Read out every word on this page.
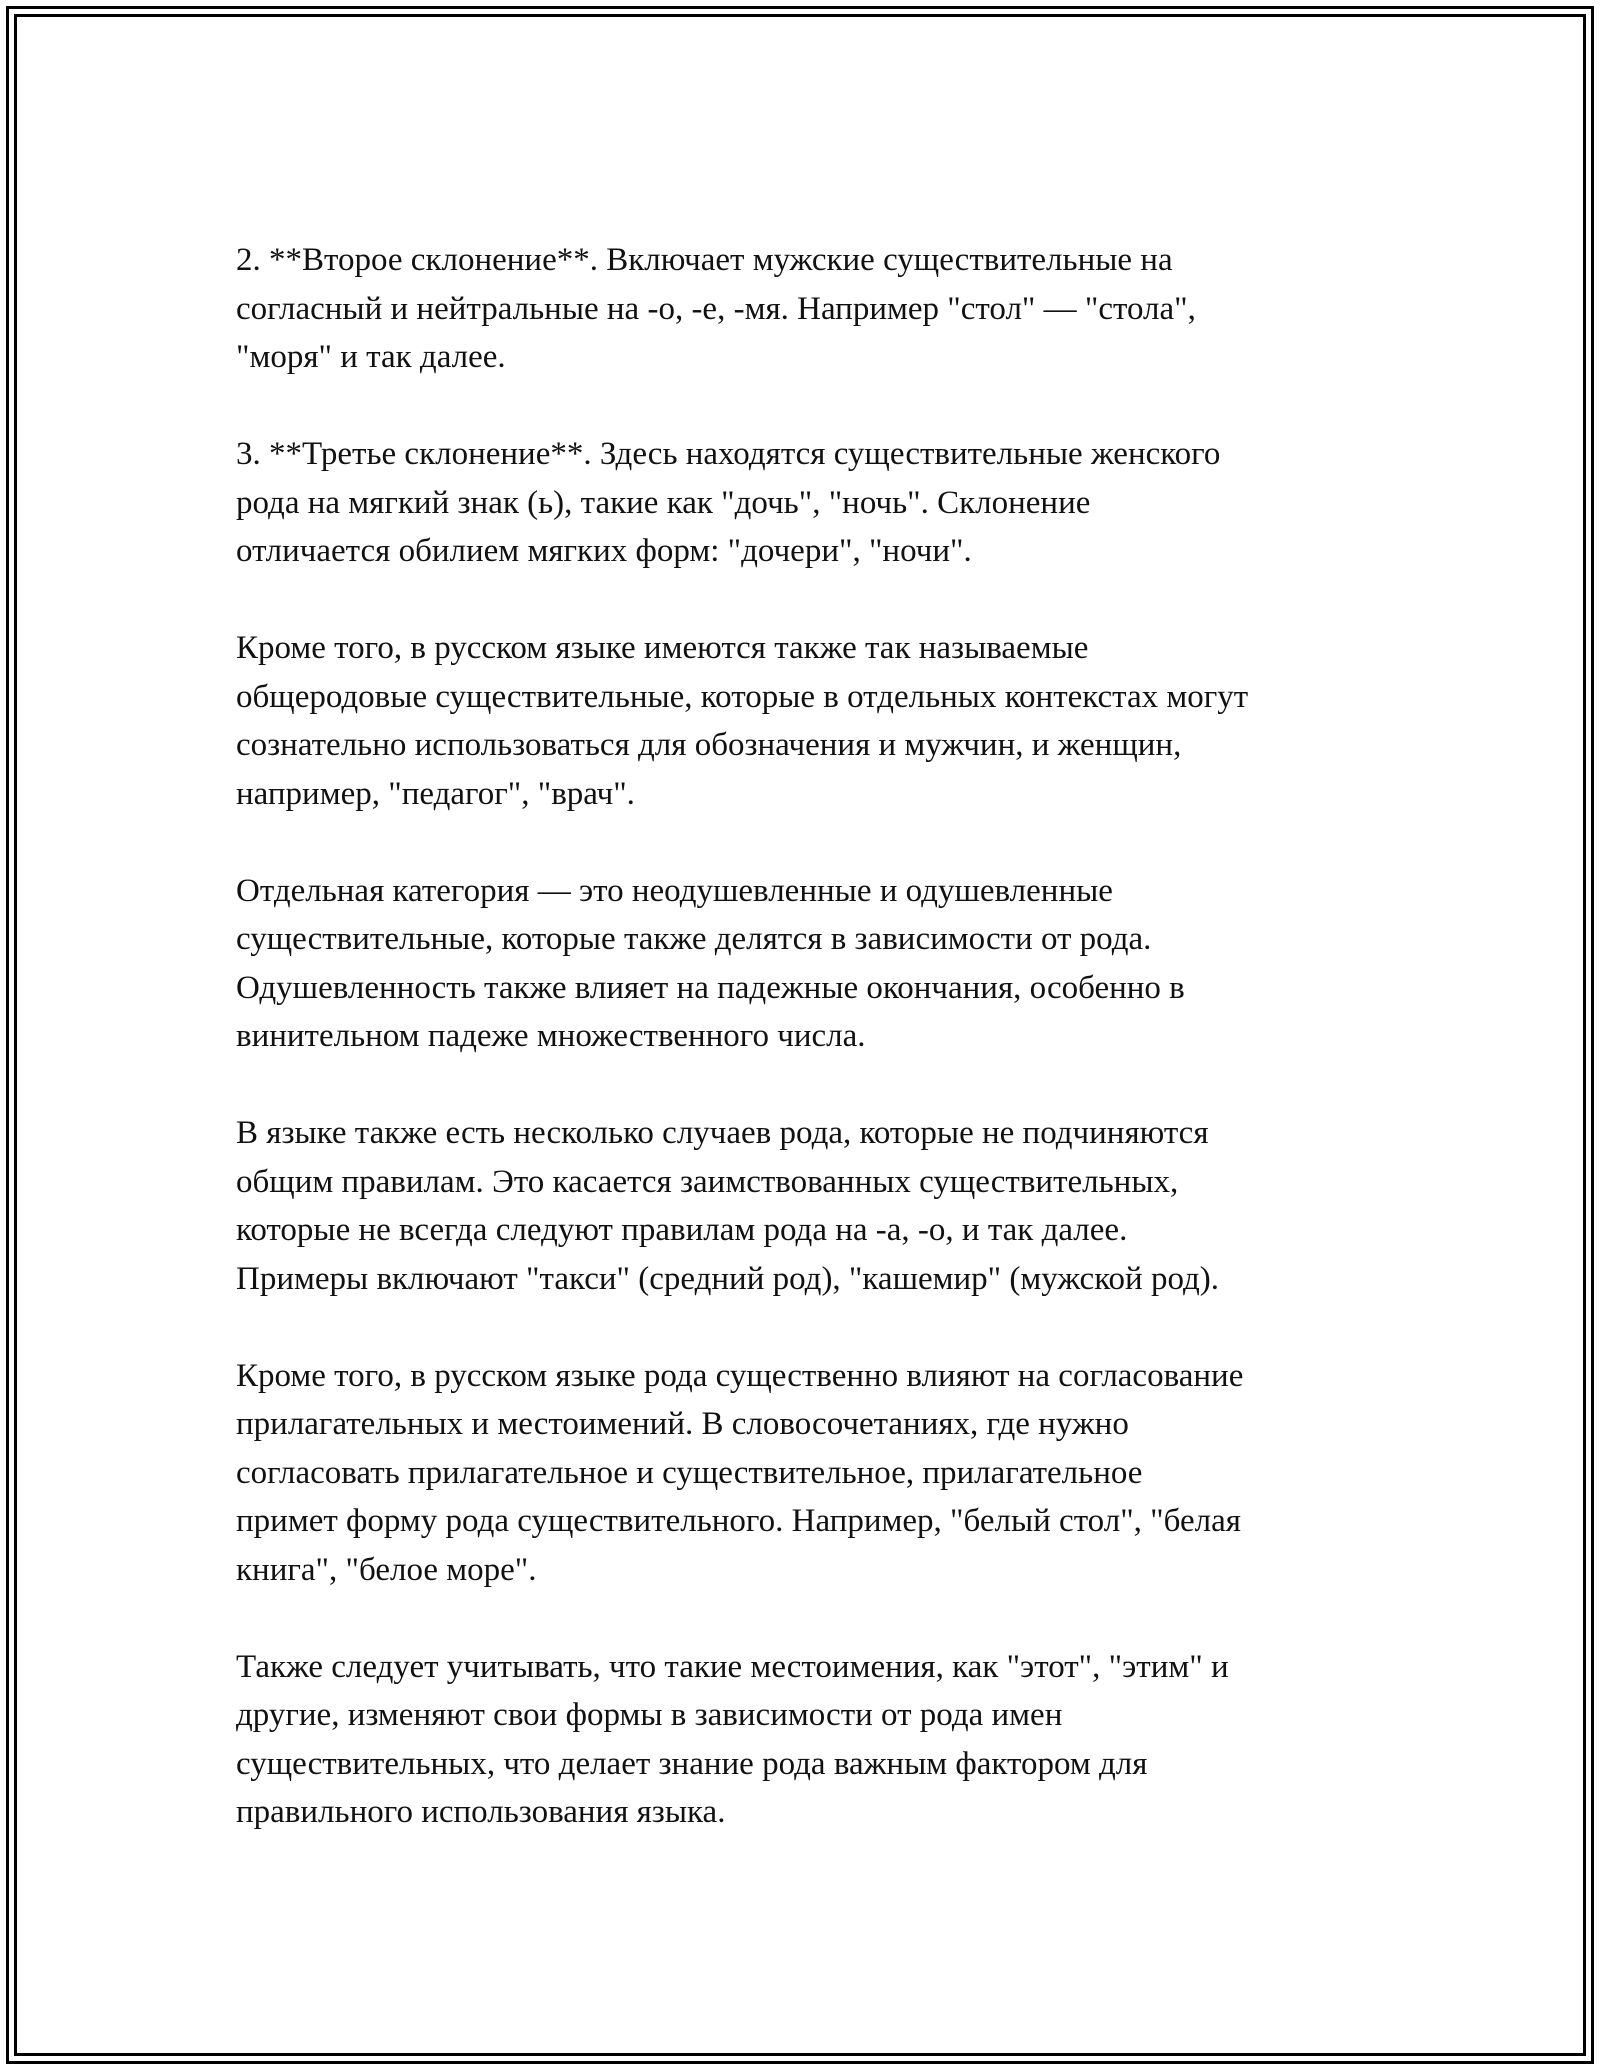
2. **Второе склонение**. Включает мужские существительные на
согласный и нейтральные на -о, -е, -мя. Например "стол" — "стола",
"моря" и так далее.

3. **Третье склонение**. Здесь находятся существительные женского
рода на мягкий знак (ь), такие как "дочь", "ночь". Склонение
отличается обилием мягких форм: "дочери", "ночи".

Кроме того, в русском языке имеются также так называемые
общеродовые существительные, которые в отдельных контекстах могут
сознательно использоваться для обозначения и мужчин, и женщин,
например, "педагог", "врач".

Отдельная категория — это неодушевленные и одушевленные
существительные, которые также делятся в зависимости от рода.
Одушевленность также влияет на падежные окончания, особенно в
винительном падеже множественного числа.

В языке также есть несколько случаев рода, которые не подчиняются
общим правилам. Это касается заимствованных существительных,
которые не всегда следуют правилам рода на -а, -о, и так далее.
Примеры включают "такси" (средний род), "кашемир" (мужской род).

Кроме того, в русском языке рода существенно влияют на согласование
прилагательных и местоимений. В словосочетаниях, где нужно
согласовать прилагательное и существительное, прилагательное
примет форму рода существительного. Например, "белый стол", "белая
книга", "белое море".

Также следует учитывать, что такие местоимения, как "этот", "этим" и
другие, изменяют свои формы в зависимости от рода имен
существительных, что делает знание рода важным фактором для
правильного использования языка.
